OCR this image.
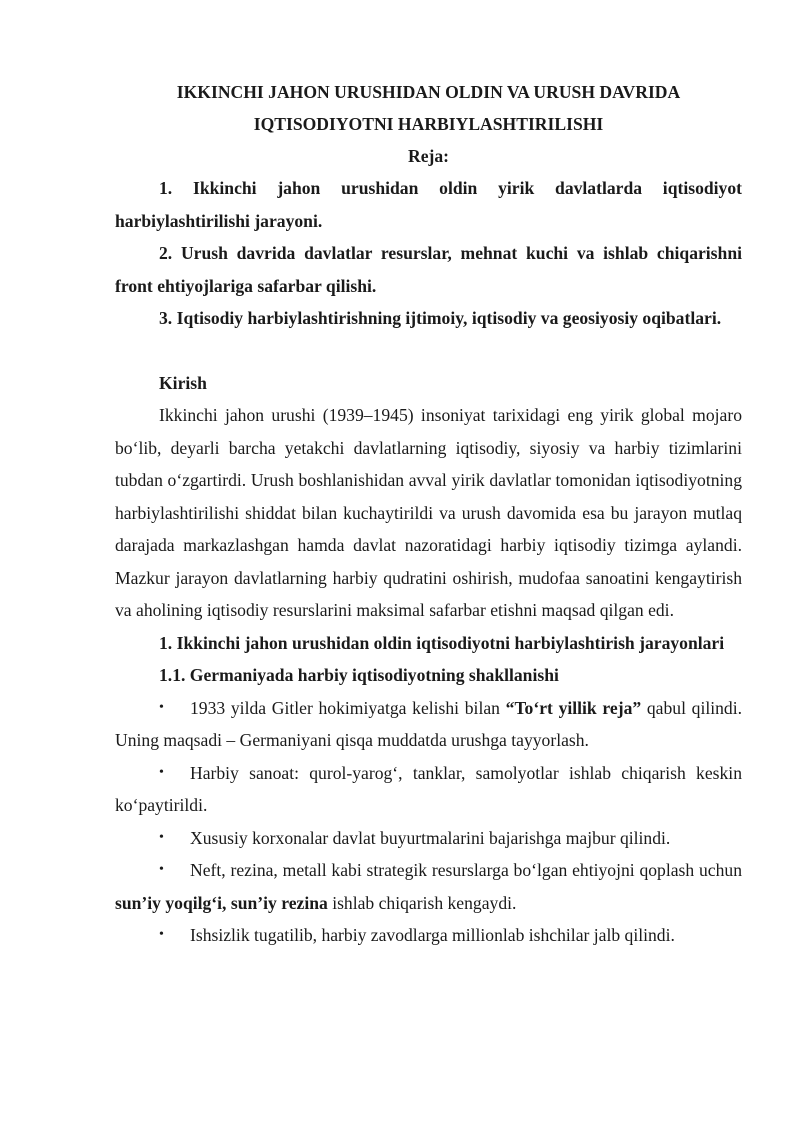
IKKINCHI JAHON URUSHIDAN OLDIN VA URUSH DAVRIDA

IQTISODIYOTNI HARBIYLASHTIRILISHI

Reja:

1. Ikkinchi jahon urushidan oldin yirik davlatlarda iqtisodiyot harbiylashtirilishi jarayoni.

2. Urush davrida davlatlar resurslar, mehnat kuchi va ishlab chiqarishni front ehtiyojlariga safarbar qilishi.

3. Iqtisodiy harbiylashtirishning ijtimoiy, iqtisodiy va geosiyosiy oqibatlari.

Kirish

Ikkinchi jahon urushi (1939–1945) insoniyat tarixidagi eng yirik global mojaro bo‘lib, deyarli barcha yetakchi davlatlarning iqtisodiy, siyosiy va harbiy tizimlarini tubdan o‘zgartirdi. Urush boshlanishidan avval yirik davlatlar tomonidan iqtisodiyotning harbiylashtirilishi shiddat bilan kuchaytirildi va urush davomida esa bu jarayon mutlaq darajada markazlashgan hamda davlat nazoratidagi harbiy iqtisodiy tizimga aylandi. Mazkur jarayon davlatlarning harbiy qudratini oshirish, mudofaa sanoatini kengaytirish va aholining iqtisodiy resurslarini maksimal safarbar etishni maqsad qilgan edi.

1. Ikkinchi jahon urushidan oldin iqtisodiyotni harbiylashtirish jarayonlari

1.1. Germaniyada harbiy iqtisodiyotning shakllanishi

• 1933 yilda Gitler hokimiyatga kelishi bilan “To‘rt yillik reja” qabul qilindi. Uning maqsadi – Germaniyani qisqa muddatda urushga tayyorlash.

• Harbiy sanoat: qurol-yarog‘, tanklar, samolyotlar ishlab chiqarish keskin ko‘paytirildi.

• Xususiy korxonalar davlat buyurtmalarini bajarishga majbur qilindi.

• Neft, rezina, metall kabi strategik resurslarga bo‘lgan ehtiyojni qoplash uchun sun’iy yoqilg‘i, sun’iy rezina ishlab chiqarish kengaydi.

• Ishsizlik tugatilib, harbiy zavodlarga millionlab ishchilar jalb qilindi.
